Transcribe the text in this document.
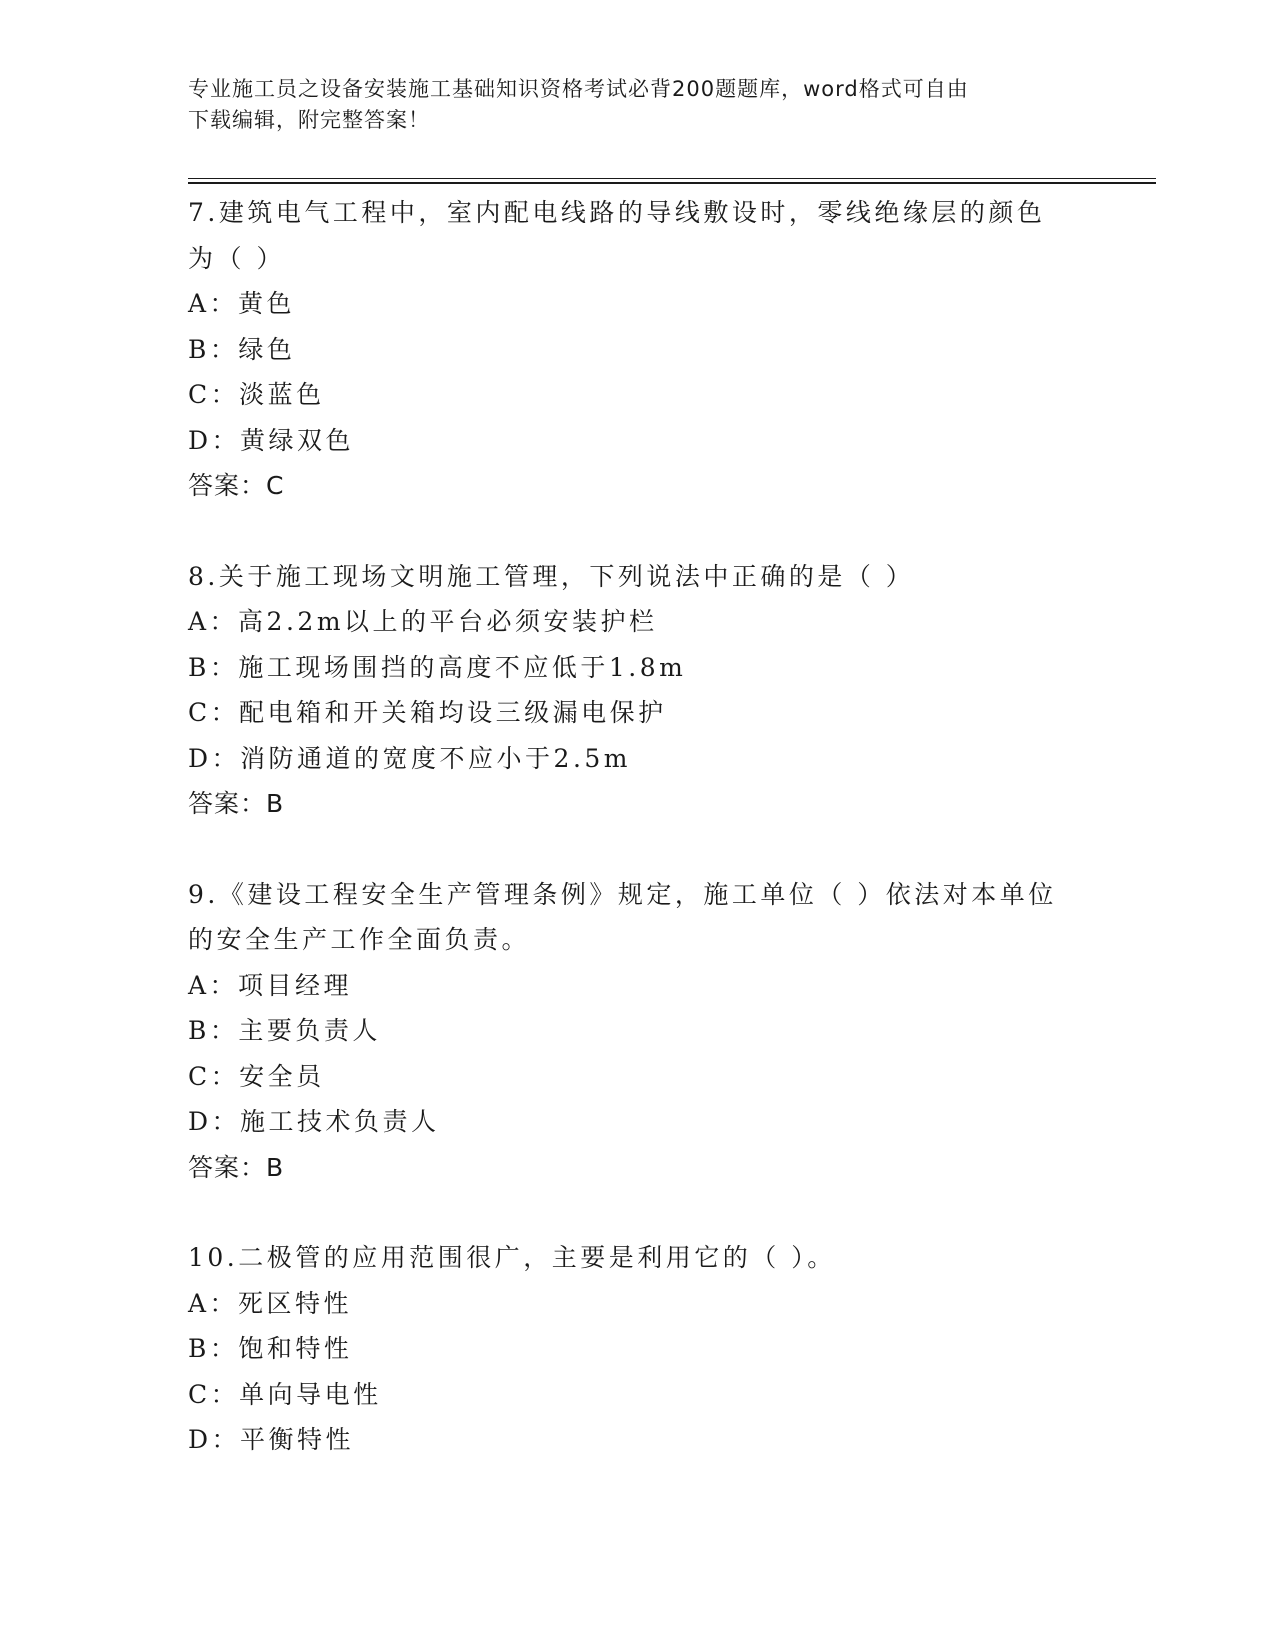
专业施工员之设备安装施工基础知识资格考试必背200题题库，word格式可自由
下载编辑，附完整答案！
7.建筑电气工程中，室内配电线路的导线敷设时，零线绝缘层的颜色
为（ ）
A：黄色
B：绿色
C：淡蓝色
D：黄绿双色
答案：C
8.关于施工现场文明施工管理，下列说法中正确的是（ ）
A：高2.2m以上的平台必须安装护栏
B：施工现场围挡的高度不应低于1.8m
C：配电箱和开关箱均设三级漏电保护
D：消防通道的宽度不应小于2.5m
答案：B
9.《建设工程安全生产管理条例》规定，施工单位（ ）依法对本单位
的安全生产工作全面负责。
A：项目经理
B：主要负责人
C：安全员
D：施工技术负责人
答案：B
10.二极管的应用范围很广，主要是利用它的（ ）。
A：死区特性
B：饱和特性
C：单向导电性
D：平衡特性
